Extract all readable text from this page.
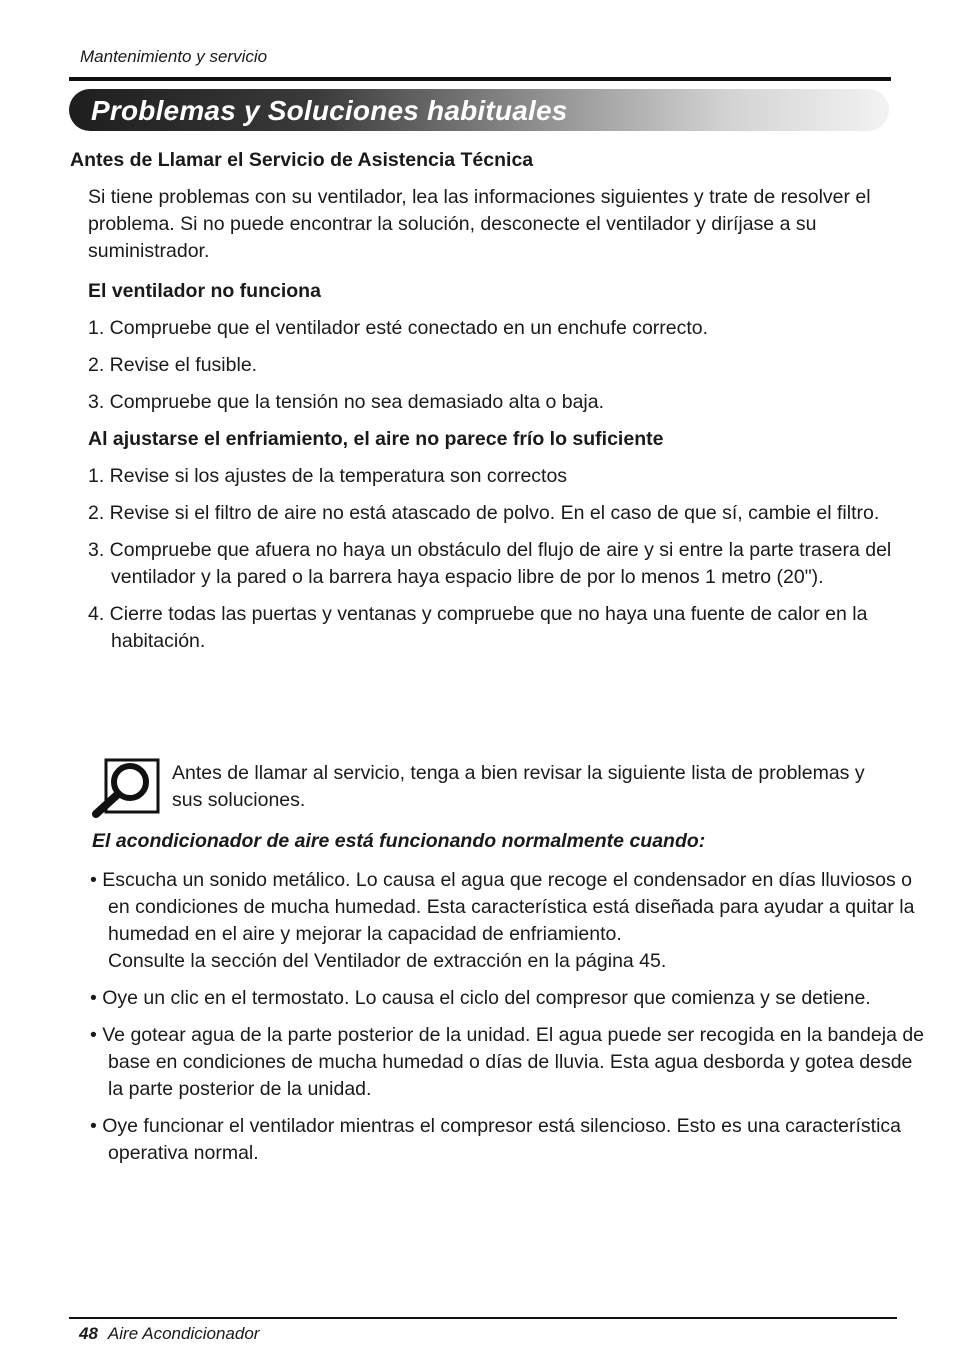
Mantenimiento y servicio
Problemas y Soluciones habituales
Antes de Llamar el Servicio de Asistencia Técnica
Si tiene problemas con su ventilador, lea las informaciones siguientes y trate de resolver el problema. Si no puede encontrar la solución, desconecte el ventilador y diríjase a su suministrador.
El ventilador no funciona
1. Compruebe que el ventilador esté conectado en un enchufe correcto.
2. Revise el fusible.
3. Compruebe que la tensión no sea demasiado alta o baja.
Al ajustarse el enfriamiento, el aire no parece frío lo suficiente
1. Revise si los ajustes de la temperatura son correctos
2. Revise si el filtro de aire no está atascado de polvo. En el caso de que sí, cambie el filtro.
3. Compruebe que afuera no haya un obstáculo del flujo de aire y si entre la parte trasera del ventilador y la pared o la barrera haya espacio libre de por lo menos 1 metro (20").
4. Cierre todas las puertas y ventanas y compruebe que no haya una fuente de calor en la habitación.
Antes de llamar al servicio, tenga a bien revisar la siguiente lista de problemas y sus soluciones.
El acondicionador de aire está funcionando normalmente cuando:
• Escucha un sonido metálico. Lo causa el agua que recoge el condensador en días lluviosos o en condiciones de mucha humedad. Esta característica está diseñada para ayudar a quitar la humedad en el aire y mejorar la capacidad de enfriamiento.
Consulte la sección del Ventilador de extracción en la página 45.
• Oye un clic en el termostato. Lo causa el ciclo del compresor que comienza y se detiene.
• Ve gotear agua de la parte posterior de la unidad. El agua puede ser recogida en la bandeja de base en condiciones de mucha humedad o días de lluvia. Esta agua desborda y gotea desde la parte posterior de la unidad.
• Oye funcionar el ventilador mientras el compresor está silencioso. Esto es una característica operativa normal.
48 Aire Acondicionador
